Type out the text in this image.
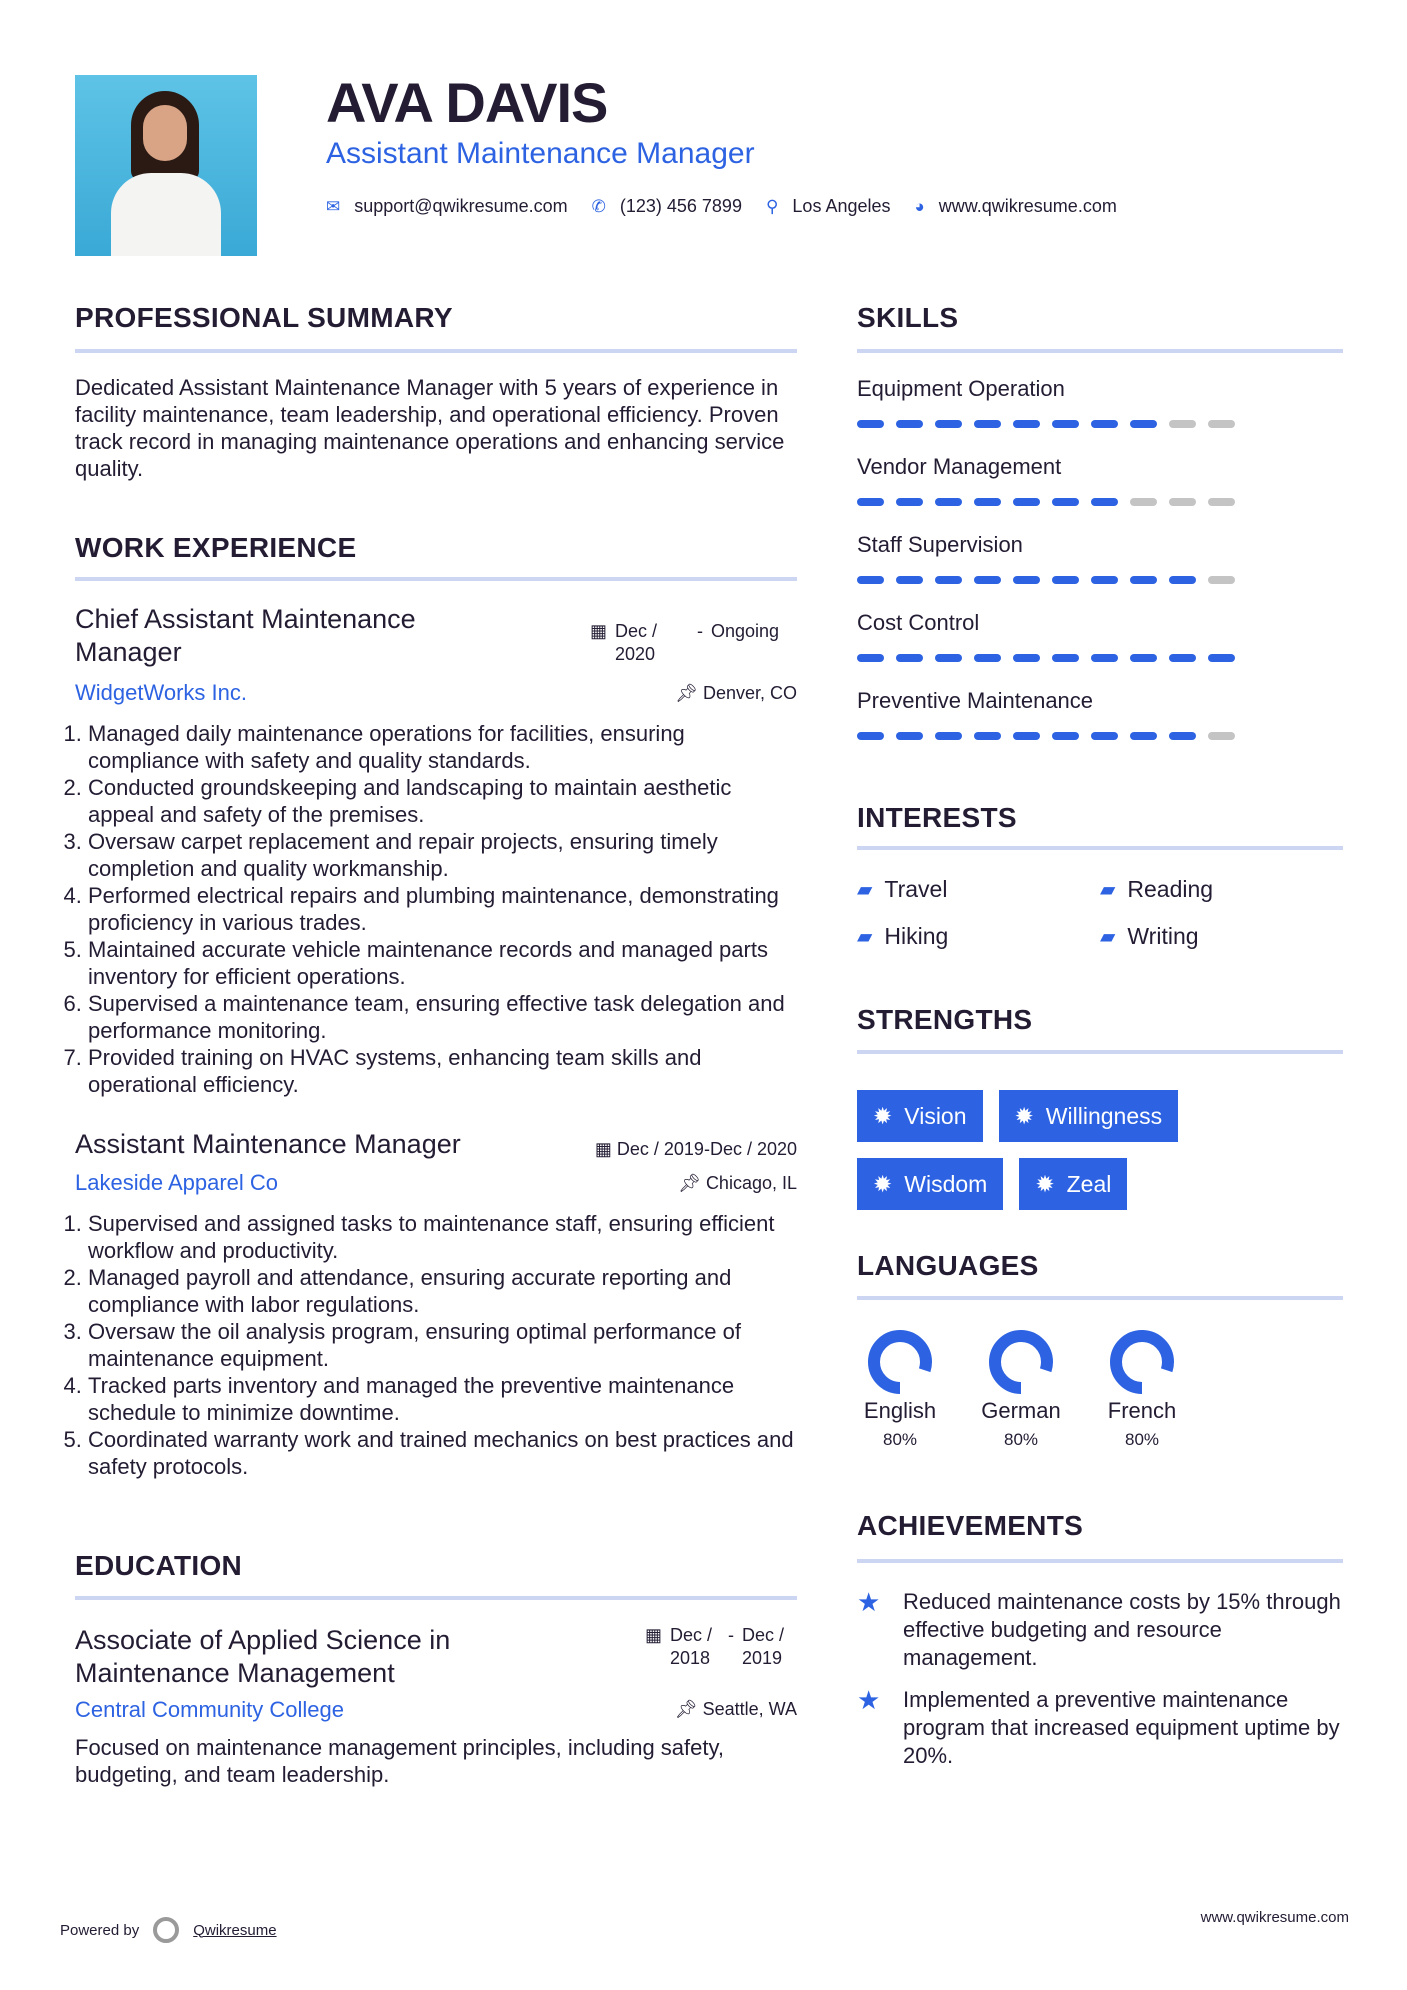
AVA DAVIS
Assistant Maintenance Manager
✉ support@qwikresume.com ✆ (123) 456 7899 ⚲ Los Angeles ◕ www.qwikresume.com
PROFESSIONAL SUMMARY
Dedicated Assistant Maintenance Manager with 5 years of experience in facility maintenance, team leadership, and operational efficiency. Proven track record in managing maintenance operations and enhancing service quality.
WORK EXPERIENCE
Chief Assistant Maintenance Manager
▦ Dec / 2020
- Ongoing
📌︎ Denver, CO
WidgetWorks Inc.
1. Managed daily maintenance operations for facilities, ensuring compliance with safety and quality standards.
2. Conducted groundskeeping and landscaping to maintain aesthetic appeal and safety of the premises.
3. Oversaw carpet replacement and repair projects, ensuring timely completion and quality workmanship.
4. Performed electrical repairs and plumbing maintenance, demonstrating proficiency in various trades.
5. Maintained accurate vehicle maintenance records and managed parts inventory for efficient operations.
6. Supervised a maintenance team, ensuring effective task delegation and performance monitoring.
7. Provided training on HVAC systems, enhancing team skills and operational efficiency.
Assistant Maintenance Manager	▦ Dec / 2019-Dec / 2020
📌︎ Chicago, IL
Lakeside Apparel Co
1. Supervised and assigned tasks to maintenance staff, ensuring efficient workflow and productivity.
2. Managed payroll and attendance, ensuring accurate reporting and compliance with labor regulations.
3. Oversaw the oil analysis program, ensuring optimal performance of maintenance equipment.
4. Tracked parts inventory and managed the preventive maintenance schedule to minimize downtime.
5. Coordinated warranty work and trained mechanics on best practices and safety protocols.
EDUCATION
Associate of Applied Science in Maintenance Management
▦ Dec / 2018
- Dec / 2019
📌︎ Seattle, WA
Central Community College
Focused on maintenance management principles, including safety, budgeting, and team leadership.
SKILLS
Equipment Operation
Vendor Management
Staff Supervision
Cost Control
Preventive Maintenance
INTERESTS
▰ Travel	▰ Reading
▰ Hiking	▰ Writing
STRENGTHS
✹ Vision ✹ Willingness

✹ Wisdom ✹ Zeal
LANGUAGES
English
80%
German
80%
French
80%
ACHIEVEMENTS
★	Reduced maintenance costs by 15% through effective budgeting and resource management.
★	Implemented a preventive maintenance program that increased equipment uptime by 20%.
Powered by	Qwikresume
www.qwikresume.com
